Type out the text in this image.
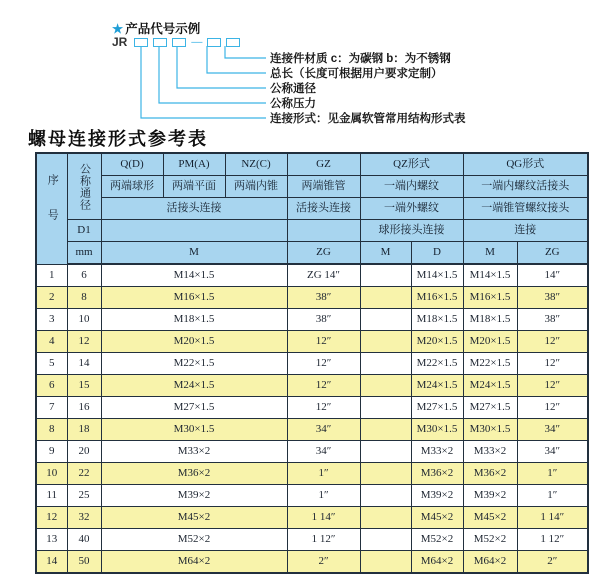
★ 产品代号示例
JR	—
连接件材质 c：为碳钢 b：为不锈钢
总长（长度可根据用户要求定制）
公称通径
公称压力
连接形式：见金属软管常用结构形式表
螺母连接形式参考表
序号	公称通径	Q(D)	PM(A)	NZ(C)	GZ	QZ形式		QG形式	
		两端球形	两端平面	两端内锥	两端锥管	一端内螺纹		一端内螺纹活接头	
		活接头连接			活接头连接	一端外螺纹		一端锥管螺纹接头	
	D1					球形接头连接		连接	
	mm	M			ZG	M	D	M	ZG
1	6	M14×1.5			ZG 14″		M14×1.5	M14×1.5	14″
2	8	M16×1.5			38″		M16×1.5	M16×1.5	38″
3	10	M18×1.5			38″		M18×1.5	M18×1.5	38″
4	12	M20×1.5			12″		M20×1.5	M20×1.5	12″
5	14	M22×1.5			12″		M22×1.5	M22×1.5	12″
6	15	M24×1.5			12″		M24×1.5	M24×1.5	12″
7	16	M27×1.5			12″		M27×1.5	M27×1.5	12″
8	18	M30×1.5			34″		M30×1.5	M30×1.5	34″
9	20	M33×2			34″		M33×2	M33×2	34″
10	22	M36×2			1″		M36×2	M36×2	1″
11	25	M39×2			1″		M39×2	M39×2	1″
12	32	M45×2			1 14″		M45×2	M45×2	1 14″
13	40	M52×2			1 12″		M52×2	M52×2	1 12″
14	50	M64×2			2″		M64×2	M64×2	2″
